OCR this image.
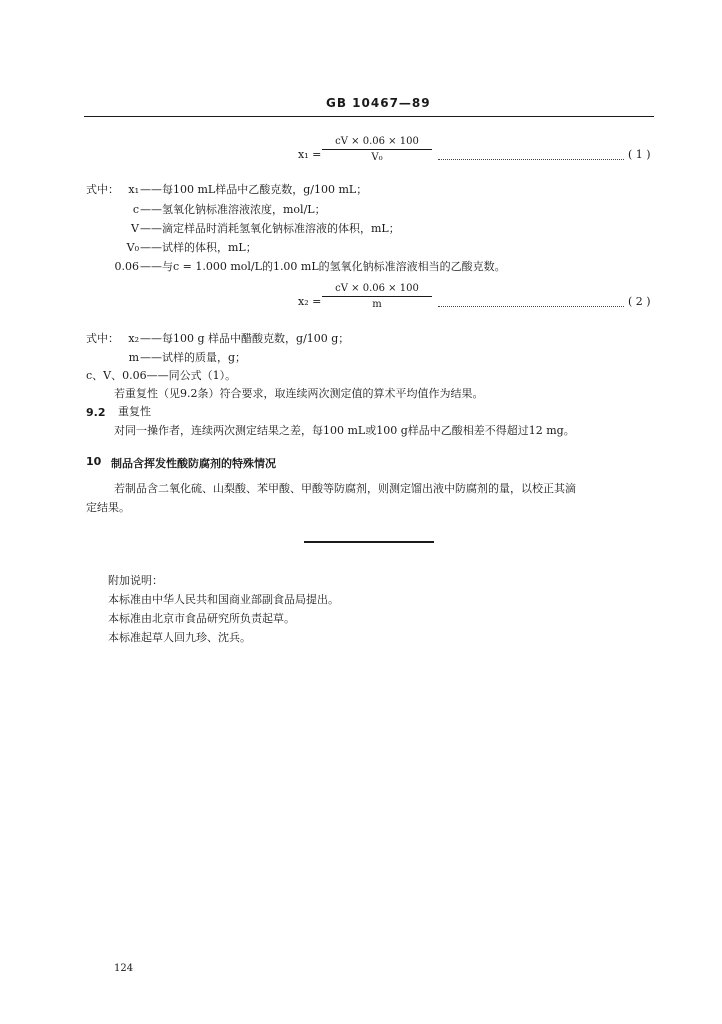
GB 10467—89
x₁ =
cV × 0.06 × 100
V₀	( 1 )
式中： x₁ ——每100 mL样品中乙酸克数，g/100 mL；
c ——氢氧化钠标准溶液浓度，mol/L；
V ——滴定样品时消耗氢氧化钠标准溶液的体积，mL；
V₀ ——试样的体积，mL；
0.06 ——与c = 1.000 mol/L的1.00 mL的氢氧化钠标准溶液相当的乙酸克数。
x₂ =
cV × 0.06 × 100
m	( 2 )
式中： x₂ ——每100 g 样品中醋酸克数，g/100 g；
m ——试样的质量，g；
c、V、0.06——同公式（1）。
若重复性（见9.2条）符合要求，取连续两次测定值的算术平均值作为结果。
9.2 重复性
对同一操作者，连续两次测定结果之差，每100 mL或100 g样品中乙酸相差不得超过12 mg。
10 制品含挥发性酸防腐剂的特殊情况
若制品含二氧化硫、山梨酸、苯甲酸、甲酸等防腐剂，则测定馏出液中防腐剂的量，以校正其滴
定结果。
附加说明：
本标准由中华人民共和国商业部副食品局提出。
本标准由北京市食品研究所负责起草。
本标准起草人回九珍、沈兵。
124
